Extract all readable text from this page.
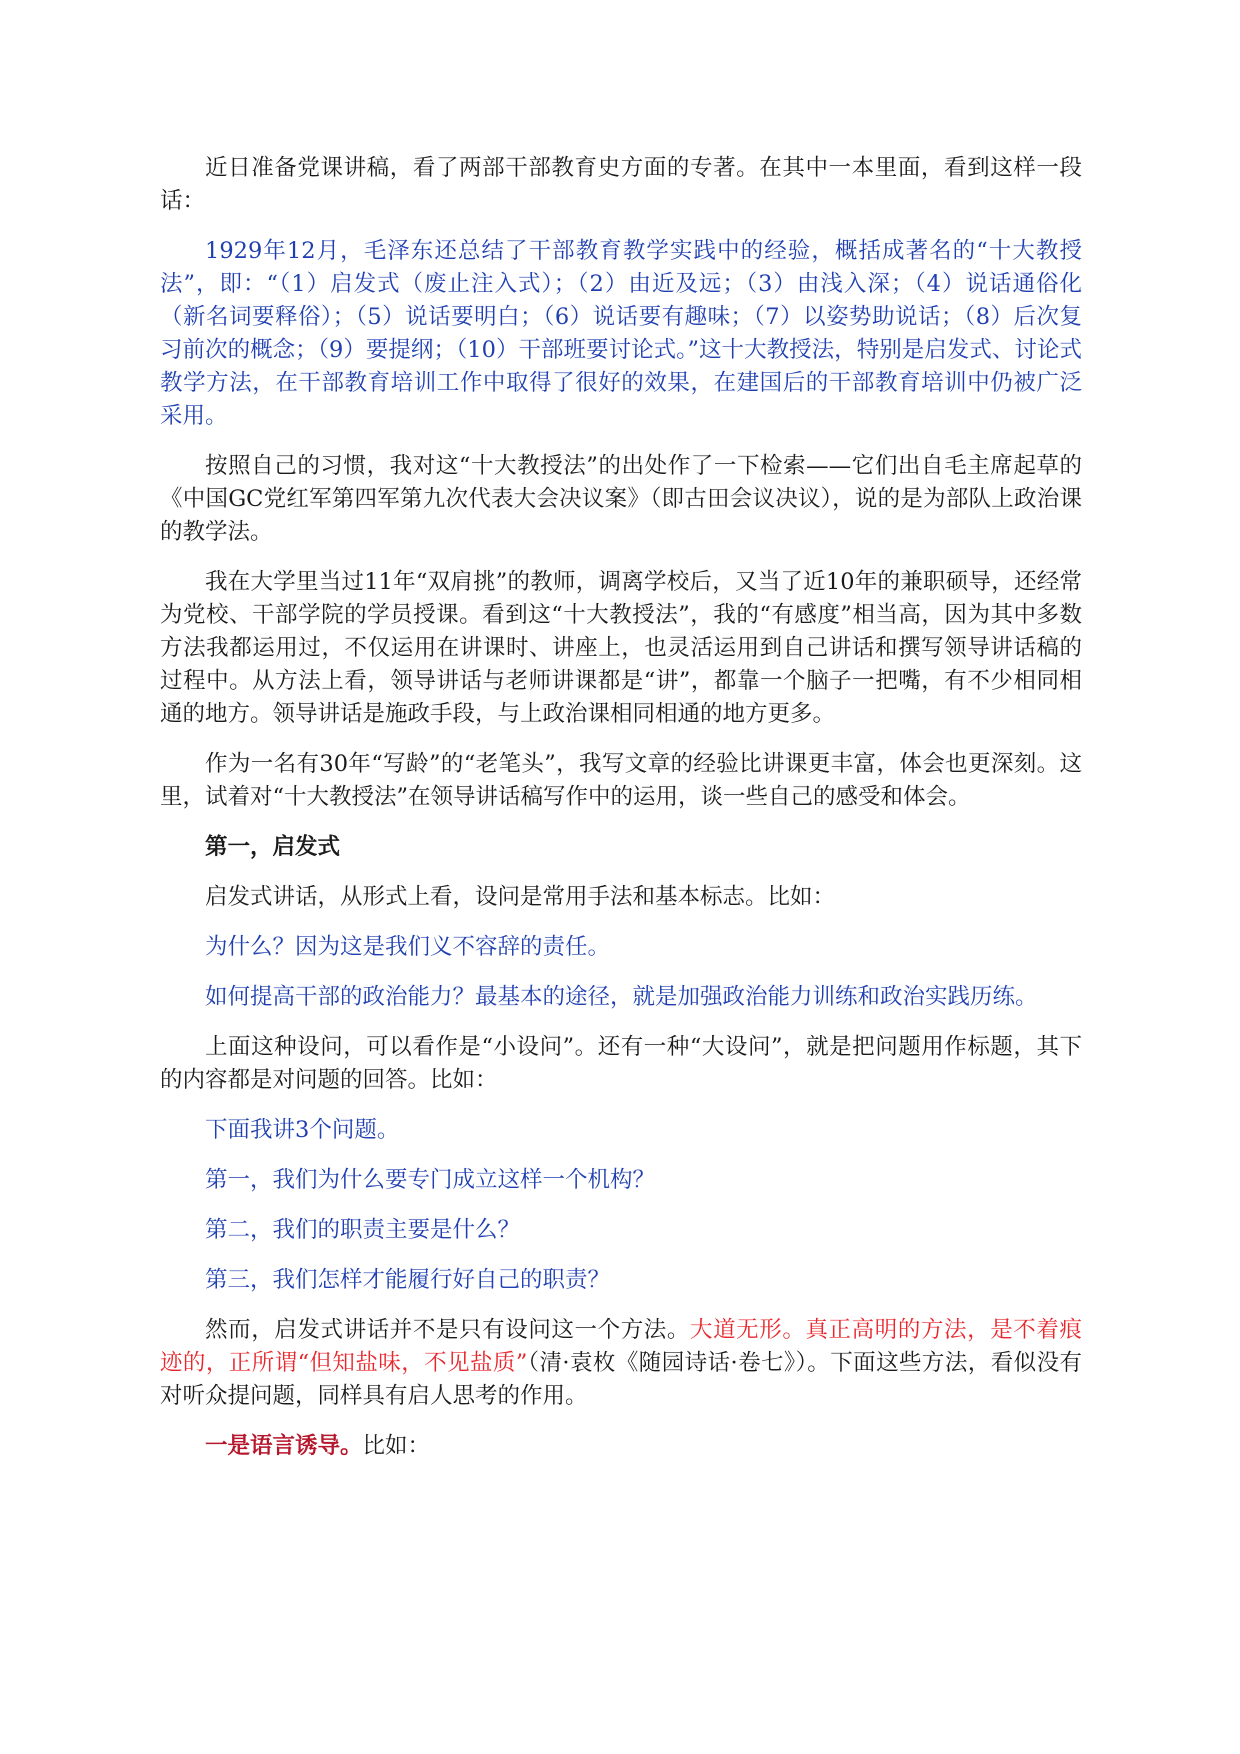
近日准备党课讲稿，看了两部干部教育史方面的专著。在其中一本里面，看到这样一段话：

1929年12月，毛泽东还总结了干部教育教学实践中的经验，概括成著名的“十大教授法”，即：“（1）启发式（废止注入式）；（2）由近及远；（3）由浅入深；（4）说话通俗化（新名词要释俗）；（5）说话要明白；（6）说话要有趣味；（7）以姿势助说话；（8）后次复习前次的概念；（9）要提纲；（10）干部班要讨论式。”这十大教授法，特别是启发式、讨论式教学方法，在干部教育培训工作中取得了很好的效果，在建国后的干部教育培训中仍被广泛采用。

按照自己的习惯，我对这“十大教授法”的出处作了一下检索——它们出自毛主席起草的《中国GC党红军第四军第九次代表大会决议案》（即古田会议决议），说的是为部队上政治课的教学法。

我在大学里当过11年“双肩挑”的教师，调离学校后，又当了近10年的兼职硕导，还经常为党校、干部学院的学员授课。看到这“十大教授法”，我的“有感度”相当高，因为其中多数方法我都运用过，不仅运用在讲课时、讲座上，也灵活运用到自己讲话和撰写领导讲话稿的过程中。从方法上看，领导讲话与老师讲课都是“讲”，都靠一个脑子一把嘴，有不少相同相通的地方。领导讲话是施政手段，与上政治课相同相通的地方更多。

作为一名有30年“写龄”的“老笔头”，我写文章的经验比讲课更丰富，体会也更深刻。这里，试着对“十大教授法”在领导讲话稿写作中的运用，谈一些自己的感受和体会。

第一，启发式

启发式讲话，从形式上看，设问是常用手法和基本标志。比如：

为什么？因为这是我们义不容辞的责任。

如何提高干部的政治能力？最基本的途径，就是加强政治能力训练和政治实践历练。

上面这种设问，可以看作是“小设问”。还有一种“大设问”，就是把问题用作标题，其下的内容都是对问题的回答。比如：

下面我讲3个问题。

第一，我们为什么要专门成立这样一个机构？

第二，我们的职责主要是什么？

第三，我们怎样才能履行好自己的职责？

然而，启发式讲话并不是只有设问这一个方法。大道无形。真正高明的方法，是不着痕迹的，正所谓“但知盐味，不见盐质”（清·袁枚《随园诗话·卷七》）。下面这些方法，看似没有对听众提问题，同样具有启人思考的作用。

一是语言诱导。比如：
